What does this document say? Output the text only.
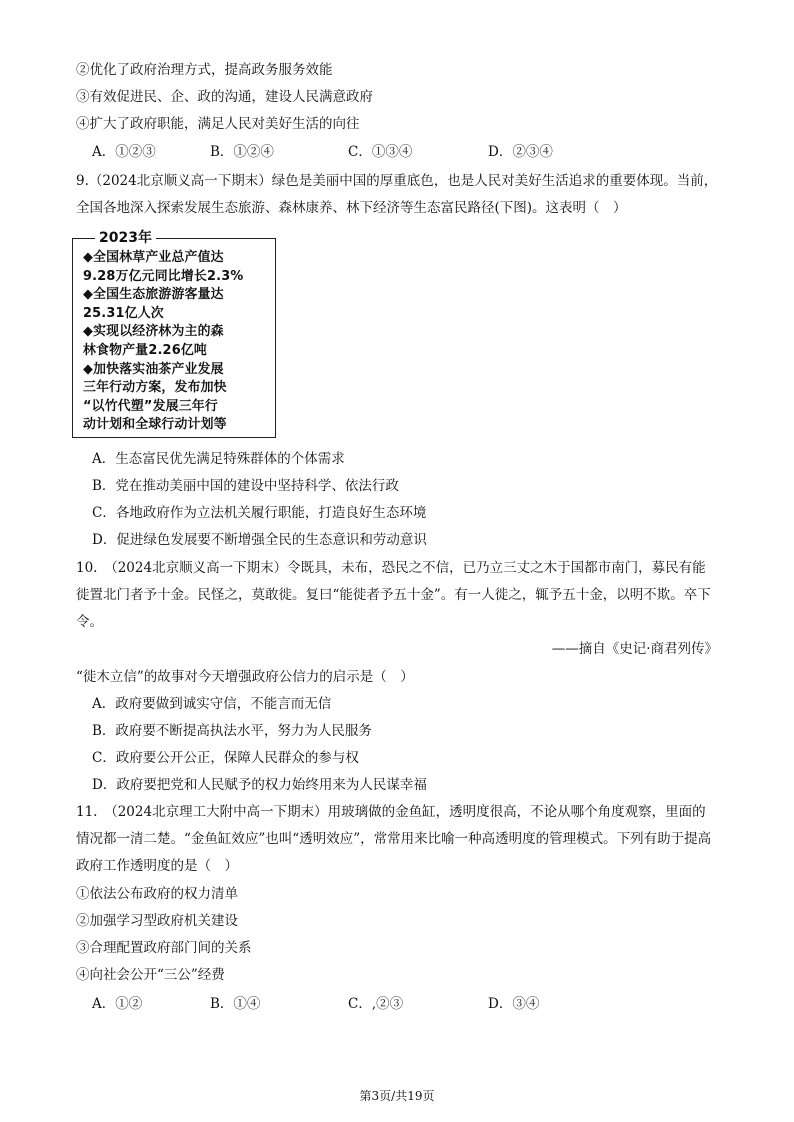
②优化了政府治理方式，提高政务服务效能
③有效促进民、企、政的沟通，建设人民满意政府
④扩大了政府职能，满足人民对美好生活的向往
A．①②③	B．①②④	C．①③④	D．②③④
9.（2024北京顺义高一下期末）绿色是美丽中国的厚重底色，也是人民对美好生活追求的重要体现。当前，
全国各地深入探索发展生态旅游、森林康养、林下经济等生态富民路径(下图)。这表明（　）
2023年
◆全国林草产业总产值达
9.28万亿元同比增长2.3%
◆全国生态旅游游客量达
25.31亿人次
◆实现以经济林为主的森
林食物产量2.26亿吨
◆加快落实油茶产业发展
三年行动方案，发布加快
“以竹代塑”发展三年行
动计划和全球行动计划等
A．生态富民优先满足特殊群体的个体需求
B．党在推动美丽中国的建设中坚持科学、依法行政
C．各地政府作为立法机关履行职能，打造良好生态环境
D．促进绿色发展要不断增强全民的生态意识和劳动意识
10.　（2024北京顺义高一下期末）令既具，未布，恐民之不信，已乃立三丈之木于国都市南门，募民有能
徙置北门者予十金。民怪之，莫敢徙。复曰“能徙者予五十金”。有一人徙之，辄予五十金，以明不欺。卒下
令。
——摘自《史记·商君列传》
“徙木立信”的故事对今天增强政府公信力的启示是（　）
A．政府要做到诚实守信，不能言而无信
B．政府要不断提高执法水平，努力为人民服务
C．政府要公开公正，保障人民群众的参与权
D．政府要把党和人民赋予的权力始终用来为人民谋幸福
11.　（2024北京理工大附中高一下期末）用玻璃做的金鱼缸，透明度很高，不论从哪个角度观察，里面的
情况都一清二楚。“金鱼缸效应”也叫“透明效应”，常常用来比喻一种高透明度的管理模式。下列有助于提高
政府工作透明度的是（　）
①依法公布政府的权力清单
②加强学习型政府机关建设
③合理配置政府部门间的关系
④向社会公开“三公”经费
A．①②	B．①④	C．,②③	D．③④
第3页/共19页
